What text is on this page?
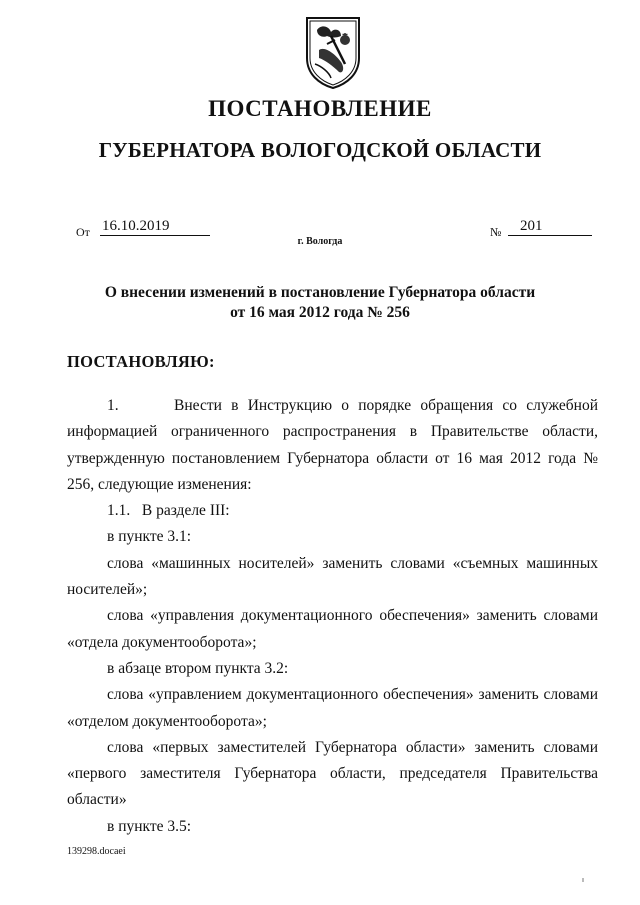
ПОСТАНОВЛЕНИЕ
ГУБЕРНАТОРА ВОЛОГОДСКОЙ ОБЛАСТИ
От 16.10.2019	№	201
г. Вологда
О внесении изменений в постановление Губернатора области
от 16 мая 2012 года № 256
ПОСТАНОВЛЯЮ:

1.      Внести в Инструкцию о порядке обращения со служебной информацией ограниченного распространения в Правительстве области, утвержденную постановлением Губернатора области от 16 мая 2012 года № 256, следующие изменения:

1.1.   В разделе III:

в пункте 3.1:

слова «машинных носителей» заменить словами «съемных машинных носителей»;

слова «управления документационного обеспечения» заменить словами «отдела документооборота»;

в абзаце втором пункта 3.2:

слова «управлением документационного обеспечения» заменить словами «отделом документооборота»;

слова «первых заместителей Губернатора области» заменить словами «первого заместителя Губернатора области, председателя Правительства области»

в пункте 3.5:

139298.docaei
